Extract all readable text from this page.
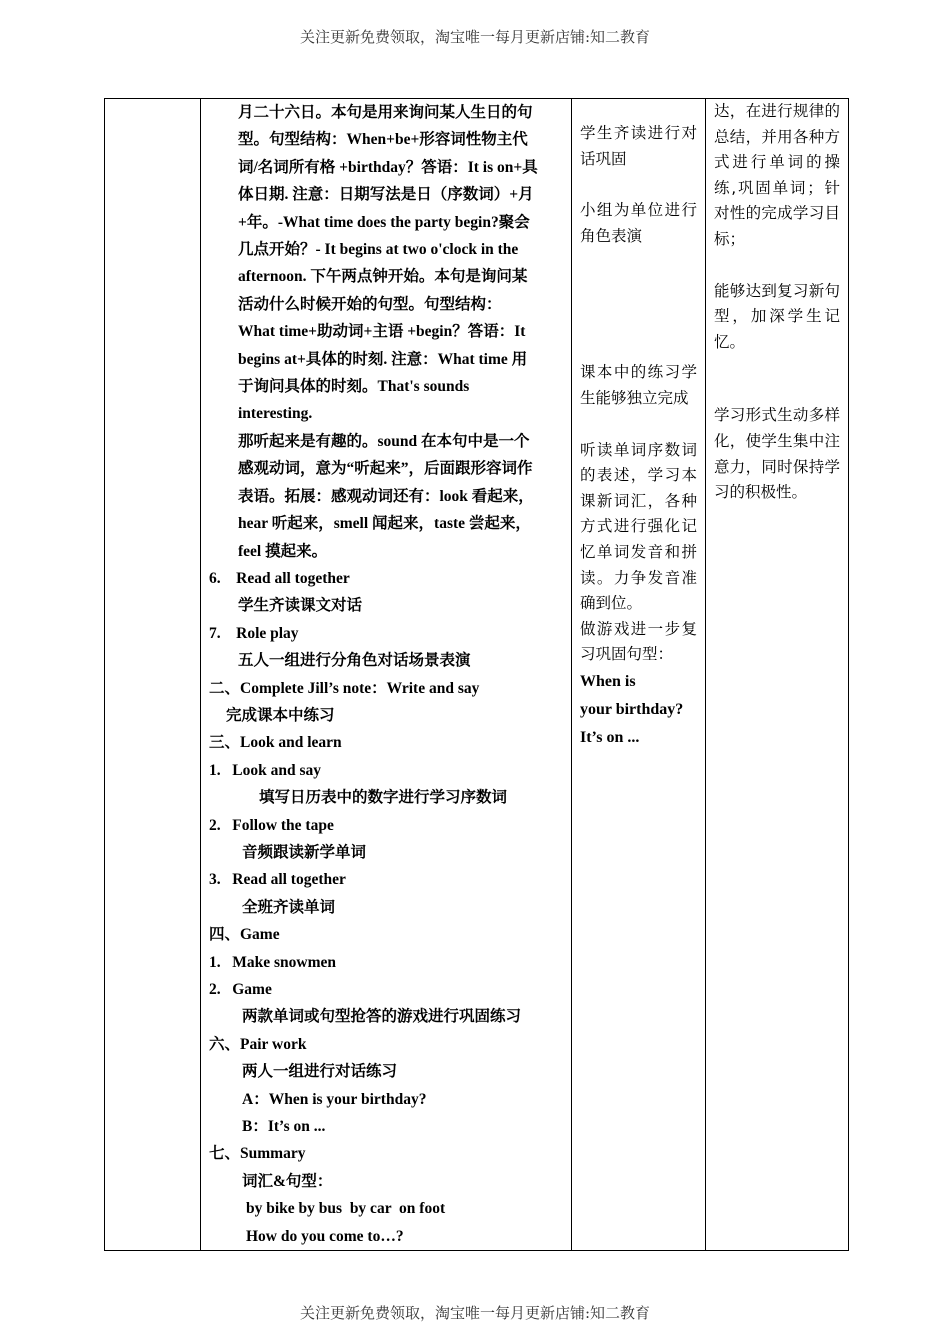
关注更新免费领取，淘宝唯一每月更新店铺:知二教育

月二十六日。本句是用来询问某人生日的句
型。句型结构：When+be+形容词性物主代
词/名词所有格 +birthday？答语：It is on+具
体日期. 注意：日期写法是日（序数词）+月
+年。-What time does the party begin?聚会
几点开始？- It begins at two o'clock in the
afternoon. 下午两点钟开始。本句是询问某
活动什么时候开始的句型。句型结构：
What time+助动词+主语 +begin？答语：It
begins at+具体的时刻. 注意：What time 用
于询问具体的时刻。That's sounds
interesting.
那听起来是有趣的。sound 在本句中是一个
感观动词，意为“听起来”，后面跟形容词作
表语。拓展：感观动词还有：look 看起来，
hear 听起来，smell 闻起来，taste 尝起来，
feel 摸起来。
6.    Read all together
学生齐读课文对话
7.    Role play
五人一组进行分角色对话场景表演
二、Complete Jill’s note：Write and say
完成课本中练习
三、Look and learn
1.   Look and say
填写日历表中的数字进行学习序数词
2.   Follow the tape
音频跟读新学单词
3.   Read all together
全班齐读单词
四、Game
1.   Make snowmen
2.   Game
两款单词或句型抢答的游戏进行巩固练习
六、Pair work
两人一组进行对话练习
A：When is your birthday?
B：It’s on ...
七、Summary
词汇&句型：
by bike by bus  by car  on foot
How do you come to…?

学生齐读进行对话巩固
小组为单位进行角色表演
课本中的练习学生能够独立完成
听读单词序数词的表述，学习本课新词汇，各种方式进行强化记忆单词发音和拼读。力争发音准确到位。
做游戏进一步复习巩固句型：
When is
your birthday?
It’s on ...

达，在进行规律的总结，并用各种方式进行单词的操练,巩固单词；针对性的完成学习目标；
能够达到复习新句型，加深学生记忆。
学习形式生动多样化，使学生集中注意力，同时保持学习的积极性。
关注更新免费领取，淘宝唯一每月更新店铺:知二教育
